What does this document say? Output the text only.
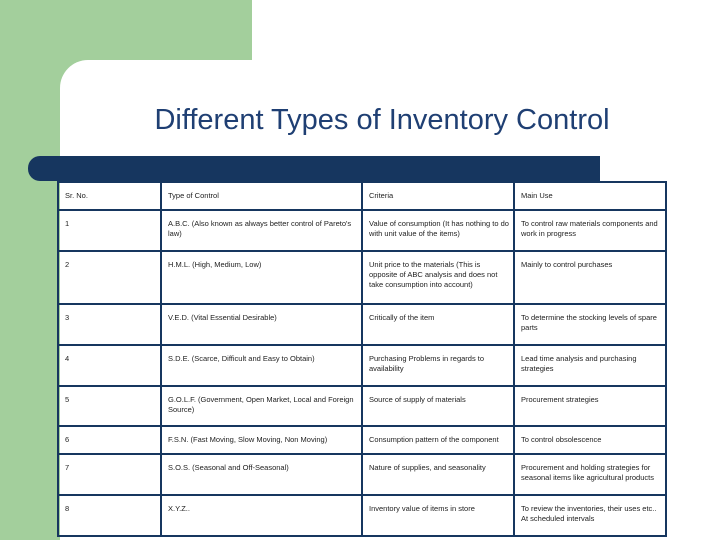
Different Types of Inventory Control
Sr. No.	Type of Control	Criteria	Main Use
1	A.B.C. (Also known as always better control of Pareto's law)	Value of consumption (It has nothing to do with unit value of the items)	To control raw materials components and work in progress
2	H.M.L. (High, Medium, Low)	Unit price to the materials (This is opposite of ABC analysis and does not take consumption into account)	Mainly to control purchases
3	V.E.D. (Vital Essential Desirable)	Critically of the item	To determine the stocking levels of spare parts
4	S.D.E. (Scarce, Difficult and Easy to Obtain)	Purchasing Problems in regards to availability	Lead time analysis and purchasing strategies
5	G.O.L.F. (Government, Open Market, Local and Foreign Source)	Source of supply of materials	Procurement strategies
6	F.S.N. (Fast Moving, Slow Moving, Non Moving)	Consumption pattern of the component	To control obsolescence
7	S.O.S. (Seasonal and Off-Seasonal)	Nature of supplies, and seasonality	Procurement and holding strategies for seasonal items like agricultural products
8	X.Y.Z..	Inventory value of items in store	To review the inventories, their uses etc.. At scheduled intervals
